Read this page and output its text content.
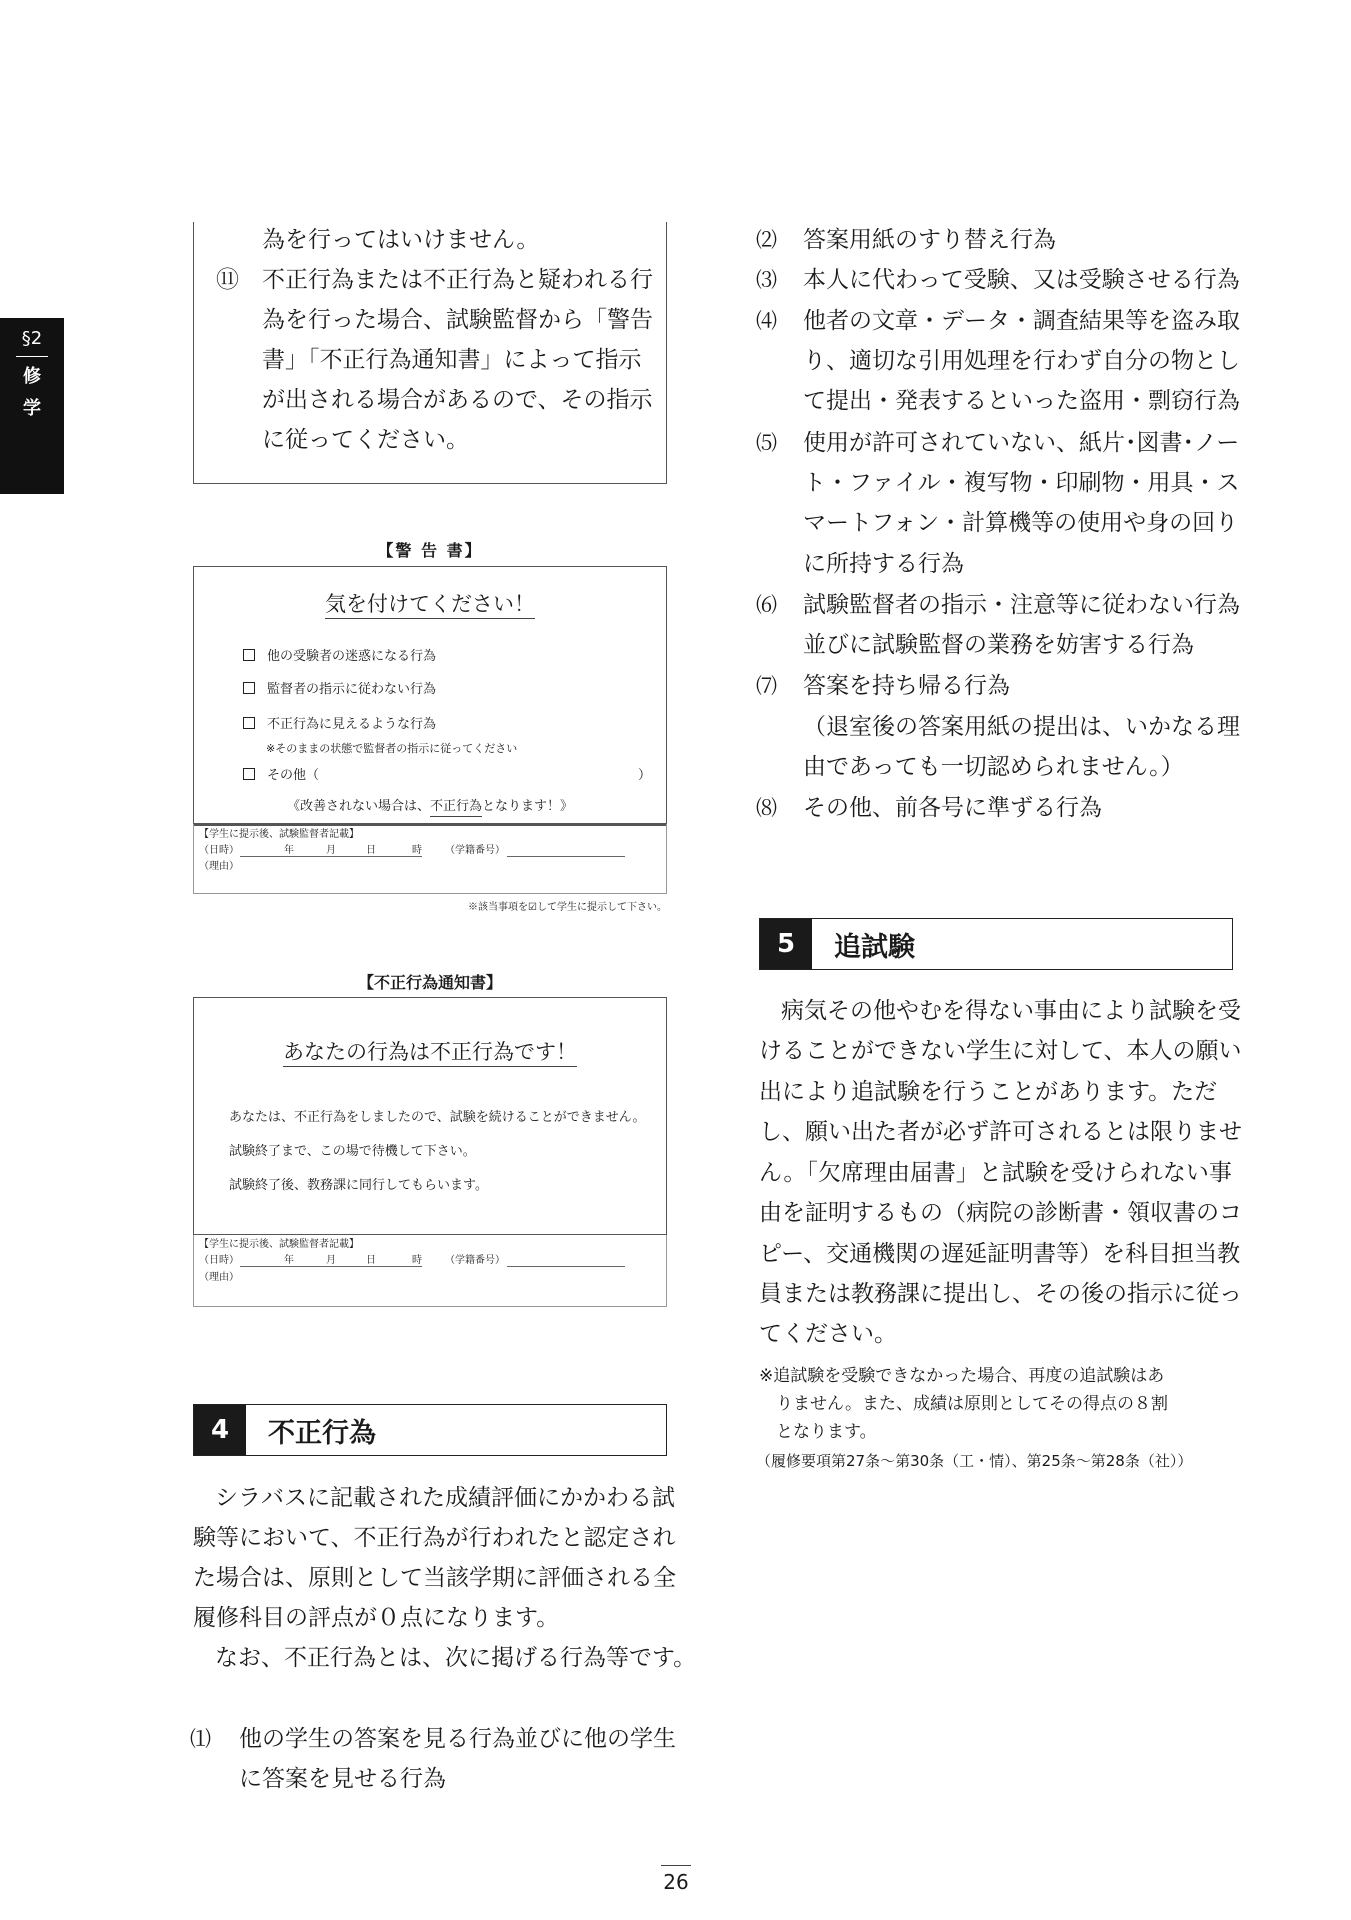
§2
修
学
為を行ってはいけません。
⑪ 不正行為または不正行為と疑われる行
為を行った場合、試験監督から「警告
書」「不正行為通知書」によって指示
が出される場合があるので、その指示
に従ってください。
【警 告 書】
気を付けてください！
他の受験者の迷惑になる行為
監督者の指示に従わない行為
不正行為に見えるような行為
※そのままの状態で監督者の指示に従ってください
その他（	）
《改善されない場合は、不正行為となります！》
【学生に提示後、試験監督者記載】
（日時）	年	月	日	時 （学籍番号）
（理由）
※該当事項を☑して学生に提示して下さい。
【不正行為通知書】
あなたの行為は不正行為です！
あなたは、不正行為をしましたので、試験を続けることができません。
試験終了まで、この場で待機して下さい。
試験終了後、教務課に同行してもらいます。
【学生に提示後、試験監督者記載】
（日時）	年	月	日	時 （学籍番号）
（理由）
4	不正行為
シラバスに記載された成績評価にかかわる試
験等において、不正行為が行われたと認定され
た場合は、原則として当該学期に評価される全
履修科目の評点が０点になります。
なお、不正行為とは、次に掲げる行為等です。
⑴ 他の学生の答案を見る行為並びに他の学生
に答案を見せる行為
⑵ 答案用紙のすり替え行為
⑶ 本人に代わって受験、又は受験させる行為
⑷ 他者の文章・データ・調査結果等を盗み取
り、適切な引用処理を行わず自分の物とし
て提出・発表するといった盗用・剽窃行為
⑸ 使用が許可されていない、紙片･図書･ノー
ト・ファイル・複写物・印刷物・用具・ス
マートフォン・計算機等の使用や身の回り
に所持する行為
⑹ 試験監督者の指示・注意等に従わない行為
並びに試験監督の業務を妨害する行為
⑺ 答案を持ち帰る行為
（退室後の答案用紙の提出は、いかなる理
由であっても一切認められません。）
⑻ その他、前各号に準ずる行為
5	追試験
病気その他やむを得ない事由により試験を受
けることができない学生に対して、本人の願い
出により追試験を行うことがあります。ただ
し、願い出た者が必ず許可されるとは限りませ
ん。「欠席理由届書」と試験を受けられない事
由を証明するもの（病院の診断書・領収書のコ
ピー、交通機関の遅延証明書等）を科目担当教
員または教務課に提出し、その後の指示に従っ
てください。
※追試験を受験できなかった場合、再度の追試験はあ
りません。また、成績は原則としてその得点の８割
となります。
（履修要項第27条〜第30条（工・情）、第25条〜第28条（社））
26
